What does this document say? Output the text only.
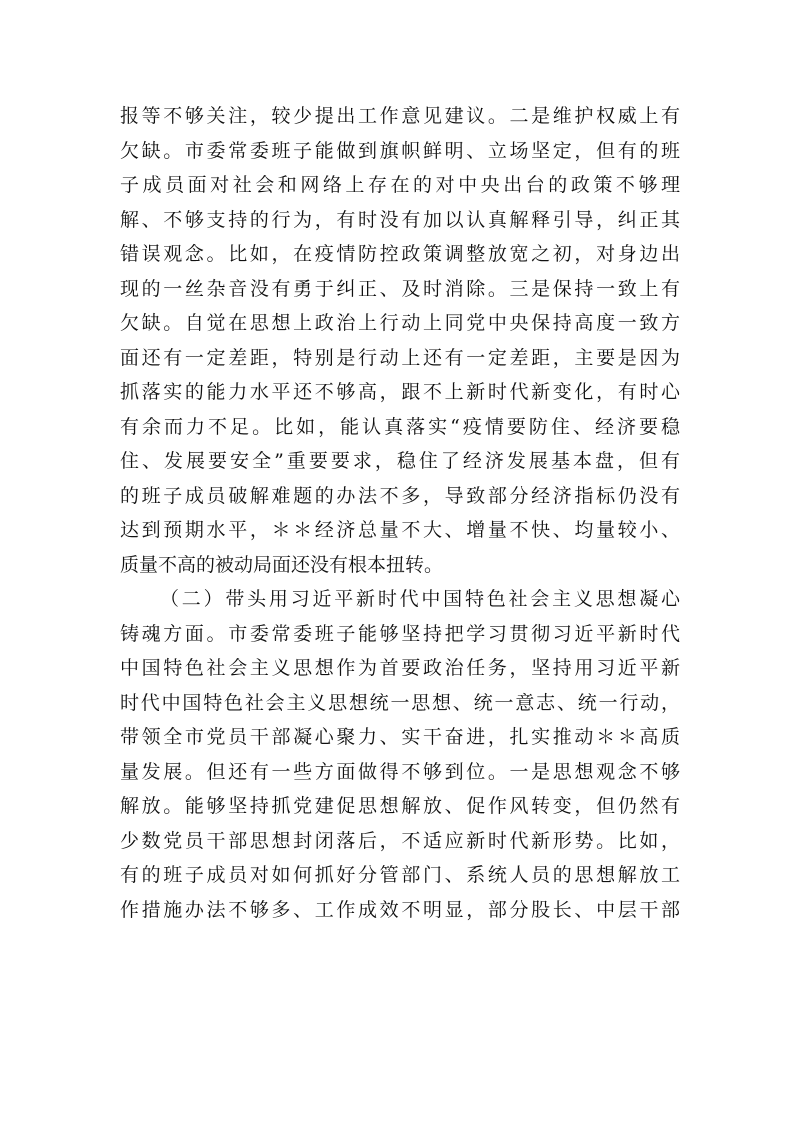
报等不够关注，较少提出工作意见建议。二是维护权威上有
欠缺。市委常委班子能做到旗帜鲜明、立场坚定，但有的班
子成员面对社会和网络上存在的对中央出台的政策不够理
解、不够支持的行为，有时没有加以认真解释引导，纠正其
错误观念。比如，在疫情防控政策调整放宽之初，对身边出
现的一丝杂音没有勇于纠正、及时消除。三是保持一致上有
欠缺。自觉在思想上政治上行动上同党中央保持高度一致方
面还有一定差距，特别是行动上还有一定差距，主要是因为
抓落实的能力水平还不够高，跟不上新时代新变化，有时心
有余而力不足。比如，能认真落实“疫情要防住、经济要稳
住、发展要安全”重要要求，稳住了经济发展基本盘，但有
的班子成员破解难题的办法不多，导致部分经济指标仍没有
达到预期水平，＊＊经济总量不大、增量不快、均量较小、
质量不高的被动局面还没有根本扭转。
（二）带头用习近平新时代中国特色社会主义思想凝心
铸魂方面。市委常委班子能够坚持把学习贯彻习近平新时代
中国特色社会主义思想作为首要政治任务，坚持用习近平新
时代中国特色社会主义思想统一思想、统一意志、统一行动，
带领全市党员干部凝心聚力、实干奋进，扎实推动＊＊高质
量发展。但还有一些方面做得不够到位。一是思想观念不够
解放。能够坚持抓党建促思想解放、促作风转变，但仍然有
少数党员干部思想封闭落后，不适应新时代新形势。比如，
有的班子成员对如何抓好分管部门、系统人员的思想解放工
作措施办法不够多、工作成效不明显，部分股长、中层干部
